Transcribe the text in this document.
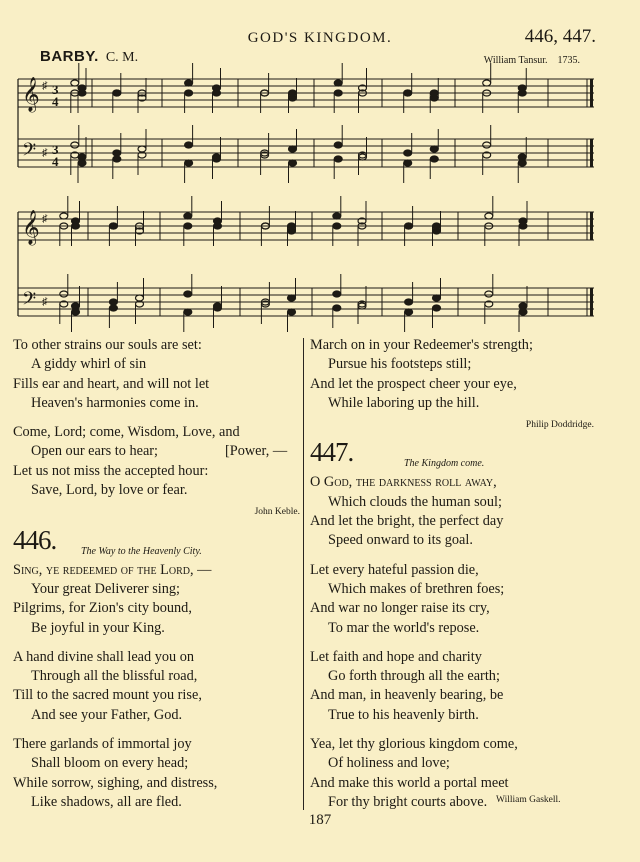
GOD'S KINGDOM.	446, 447.
BARBY. C. M.	William Tansur. 1735.
𝄞
𝄢
♯
♯
3
4
3
4
𝄞
𝄢
♯
♯

To other strains our souls are set:

A giddy whirl of sin

Fills ear and heart, and will not let

Heaven's harmonies come in.

Come, Lord; come, Wisdom, Love, and

Open our ears to hear;	[Power, —

Let us not miss the accepted hour:

Save, Lord, by love or fear.

John Keble.
446. The Way to the Heavenly City.

Sing, ye redeemed of the Lord, —

Your great Deliverer sing;

Pilgrims, for Zion's city bound,

Be joyful in your King.

A hand divine shall lead you on

Through all the blissful road,

Till to the sacred mount you rise,

And see your Father, God.

There garlands of immortal joy

Shall bloom on every head;

While sorrow, sighing, and distress,

Like shadows, all are fled.

March on in your Redeemer's strength;

Pursue his footsteps still;

And let the prospect cheer your eye,

While laboring up the hill.

Philip Doddridge.
447.	The Kingdom come.

O God, the darkness roll away,

Which clouds the human soul;

And let the bright, the perfect day

Speed onward to its goal.

Let every hateful passion die,

Which makes of brethren foes;

And war no longer raise its cry,

To mar the world's repose.

Let faith and hope and charity

Go forth through all the earth;

And man, in heavenly bearing, be

True to his heavenly birth.

Yea, let thy glorious kingdom come,

Of holiness and love;

And make this world a portal meet

For thy bright courts above. William Gaskell.

187
